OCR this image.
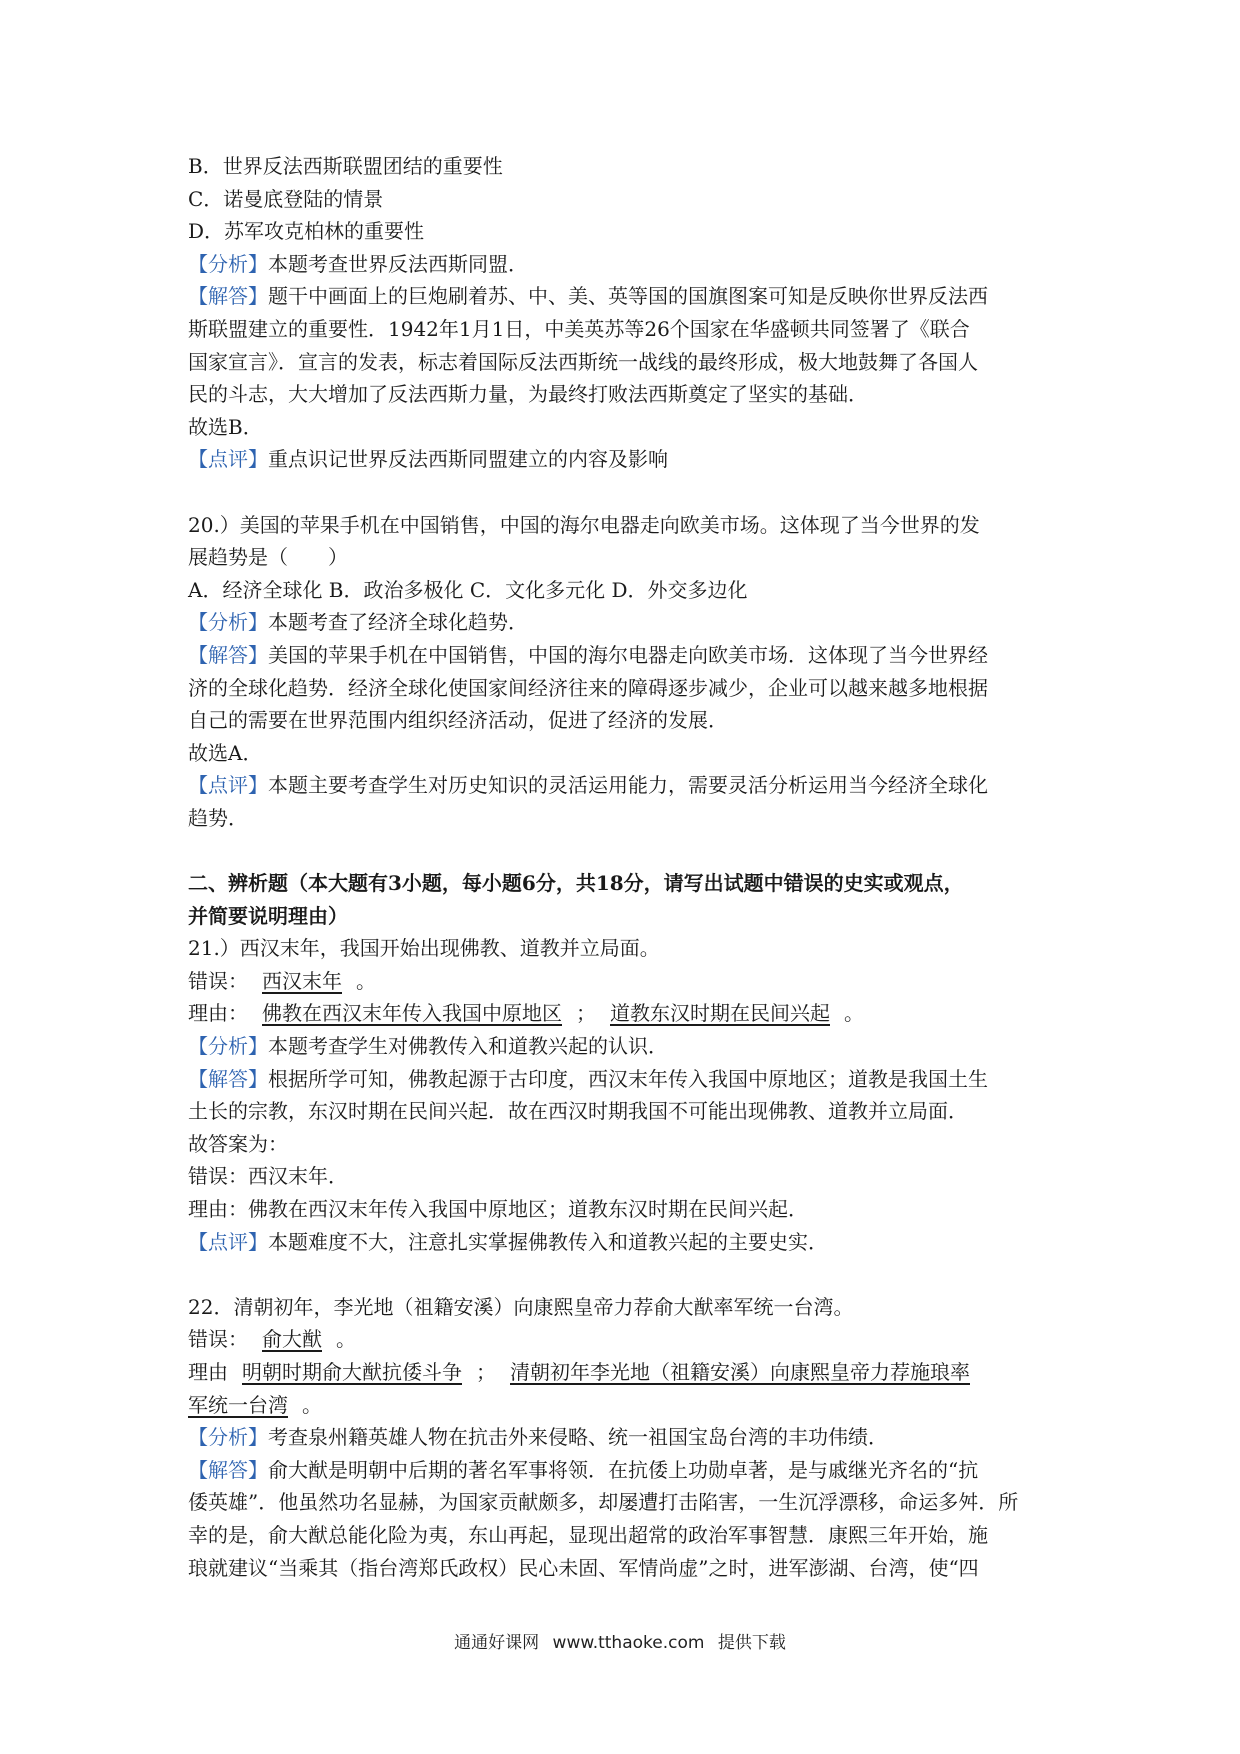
B．世界反法西斯联盟团结的重要性
C．诺曼底登陆的情景
D．苏军攻克柏林的重要性
【分析】本题考查世界反法西斯同盟．
【解答】题干中画面上的巨炮刷着苏、中、美、英等国的国旗图案可知是反映你世界反法西
斯联盟建立的重要性．1942年1月1日，中美英苏等26个国家在华盛顿共同签署了《联合
国家宣言》．宣言的发表，标志着国际反法西斯统一战线的最终形成，极大地鼓舞了各国人
民的斗志，大大增加了反法西斯力量，为最终打败法西斯奠定了坚实的基础．
故选B．
【点评】重点识记世界反法西斯同盟建立的内容及影响
20.）美国的苹果手机在中国销售，中国的海尔电器走向欧美市场。这体现了当今世界的发
展趋势是（　　）
A．经济全球化 B．政治多极化 C．文化多元化 D．外交多边化
【分析】本题考查了经济全球化趋势．
【解答】美国的苹果手机在中国销售，中国的海尔电器走向欧美市场．这体现了当今世界经
济的全球化趋势．经济全球化使国家间经济往来的障碍逐步减少，企业可以越来越多地根据
自己的需要在世界范围内组织经济活动，促进了经济的发展．
故选A．
【点评】本题主要考查学生对历史知识的灵活运用能力，需要灵活分析运用当今经济全球化
趋势．
二、辨析题（本大题有3小题，每小题6分，共18分，请写出试题中错误的史实或观点，
并简要说明理由）
21.）西汉末年，我国开始出现佛教、道教并立局面。
错误： 西汉末年 。
理由： 佛教在西汉末年传入我国中原地区 ； 道教东汉时期在民间兴起 。
【分析】本题考查学生对佛教传入和道教兴起的认识．
【解答】根据所学可知，佛教起源于古印度，西汉末年传入我国中原地区；道教是我国土生
土长的宗教，东汉时期在民间兴起．故在西汉时期我国不可能出现佛教、道教并立局面．
故答案为：
错误：西汉末年．
理由：佛教在西汉末年传入我国中原地区；道教东汉时期在民间兴起．
【点评】本题难度不大，注意扎实掌握佛教传入和道教兴起的主要史实．
22．清朝初年，李光地（祖籍安溪）向康熙皇帝力荐俞大猷率军统一台湾。
错误： 俞大猷 。
理由 明朝时期俞大猷抗倭斗争 ； 清朝初年李光地（祖籍安溪）向康熙皇帝力荐施琅率
军统一台湾 。
【分析】考查泉州籍英雄人物在抗击外来侵略、统一祖国宝岛台湾的丰功伟绩．
【解答】俞大猷是明朝中后期的著名军事将领．在抗倭上功勋卓著，是与戚继光齐名的“抗
倭英雄”．他虽然功名显赫，为国家贡献颇多，却屡遭打击陷害，一生沉浮漂移，命运多舛．所
幸的是，俞大猷总能化险为夷，东山再起，显现出超常的政治军事智慧．康熙三年开始，施
琅就建议“当乘其（指台湾郑氏政权）民心未固、军情尚虚”之时，进军澎湖、台湾，使“四
通通好课网 www.tthaoke.com 提供下载
